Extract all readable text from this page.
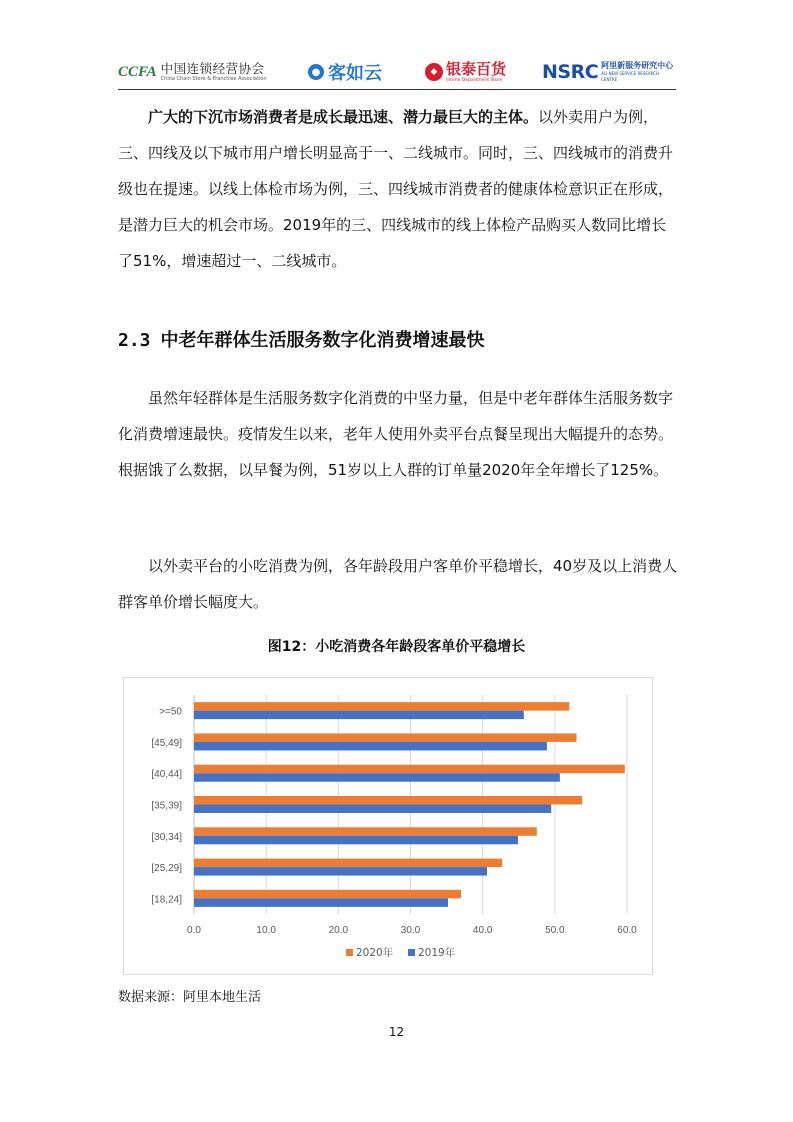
CCFA 中国连锁经营协会
China Chain Store & Franchise Association
● 客如云	◆ 银泰百货
Intime Department Store NSRC 阿里新服务研究中心
ALI NEW SERVICE RESEARCH CENTRE

广大的下沉市场消费者是成长最迅速、潜力最巨大的主体。以外卖用户为例，三、四线及以下城市用户增长明显高于一、二线城市。同时，三、四线城市的消费升级也在提速。以线上体检市场为例，三、四线城市消费者的健康体检意识正在形成，是潜力巨大的机会市场。2019年的三、四线城市的线上体检产品购买人数同比增长了51%，增速超过一、二线城市。

2.3 中老年群体生活服务数字化消费增速最快

虽然年轻群体是生活服务数字化消费的中坚力量，但是中老年群体生活服务数字化消费增速最快。疫情发生以来，老年人使用外卖平台点餐呈现出大幅提升的态势。根据饿了么数据，以早餐为例，51岁以上人群的订单量2020年全年增长了125%。

以外卖平台的小吃消费为例，各年龄段用户客单价平稳增长，40岁及以上消费人群客单价增长幅度大。

图12：小吃消费各年龄段客单价平稳增长

0.0	10.0	20.0	30.0	40.0	50.0	60.0
>=50
[45,49]
[40,44]
[35,39]
[30,34]
[25,29]
[18,24]
2020年 2019年

数据来源：阿里本地生活

12
